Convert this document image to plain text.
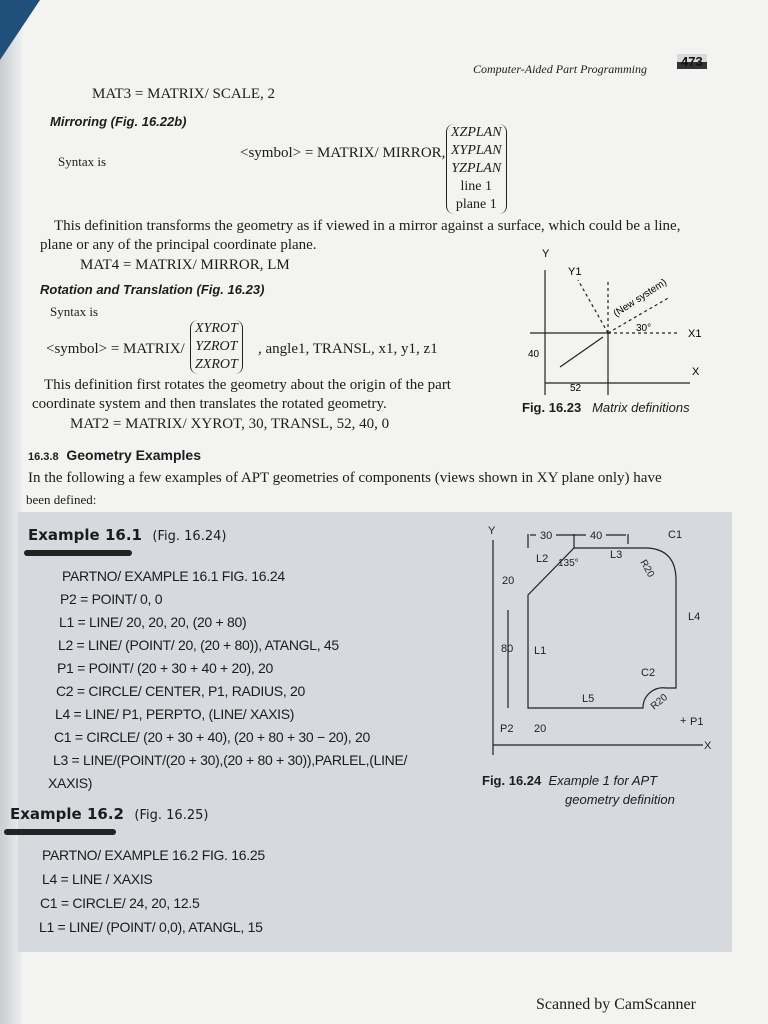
Computer-Aided Part Programming	473
MAT3 = MATRIX/ SCALE, 2
Mirroring (Fig. 16.22b)
Syntax is
<symbol> = MATRIX/ MIRROR,
XZPLAN
XYPLAN
YZPLAN
line 1
plane 1
This definition transforms the geometry as if viewed in a mirror against a surface, which could be a line,
plane or any of the principal coordinate plane.
MAT4 = MATRIX/ MIRROR, LM
Rotation and Translation (Fig. 16.23)
Syntax is
<symbol> = MATRIX/
XYROT
YZROT
ZXROT
, angle1, TRANSL, x1, y1, z1
This definition first rotates the geometry about the origin of the part
coordinate system and then translates the rotated geometry.
MAT2 = MATRIX/ XYROT, 30, TRANSL, 52, 40, 0
Y
Y1
(New system)
30°	X1
40
52
X
Fig. 16.23 Matrix definitions
16.3.8 Geometry Examples
In the following a few examples of APT geometries of components (views shown in XY plane only) have
been defined:
Example 16.1 (Fig. 16.24)
PARTNO/ EXAMPLE 16.1 FIG. 16.24
P2 = POINT/ 0, 0
L1 = LINE/ 20, 20, 20, (20 + 80)
L2 = LINE/ (POINT/ 20, (20 + 80)), ATANGL, 45
P1 = POINT/ (20 + 30 + 40 + 20), 20
C2 = CIRCLE/ CENTER, P1, RADIUS, 20
L4 = LINE/ P1, PERPTO, (LINE/ XAXIS)
C1 = CIRCLE/ (20 + 30 + 40), (20 + 80 + 30 − 20), 20
L3 = LINE/(POINT/(20 + 30),(20 + 80 + 30)),PARLEL,(LINE/
XAXIS)
Y	30	40	C1
L2 135°
L3
R20
20
L4
80 L1
C2
L5	R20
+ P1
P2 20
X
Fig. 16.24 Example 1 for APT
geometry definition
Example 16.2 (Fig. 16.25)
PARTNO/ EXAMPLE 16.2 FIG. 16.25
L4 = LINE / XAXIS
C1 = CIRCLE/ 24, 20, 12.5
L1 = LINE/ (POINT/ 0,0), ATANGL, 15
Scanned by CamScanner
